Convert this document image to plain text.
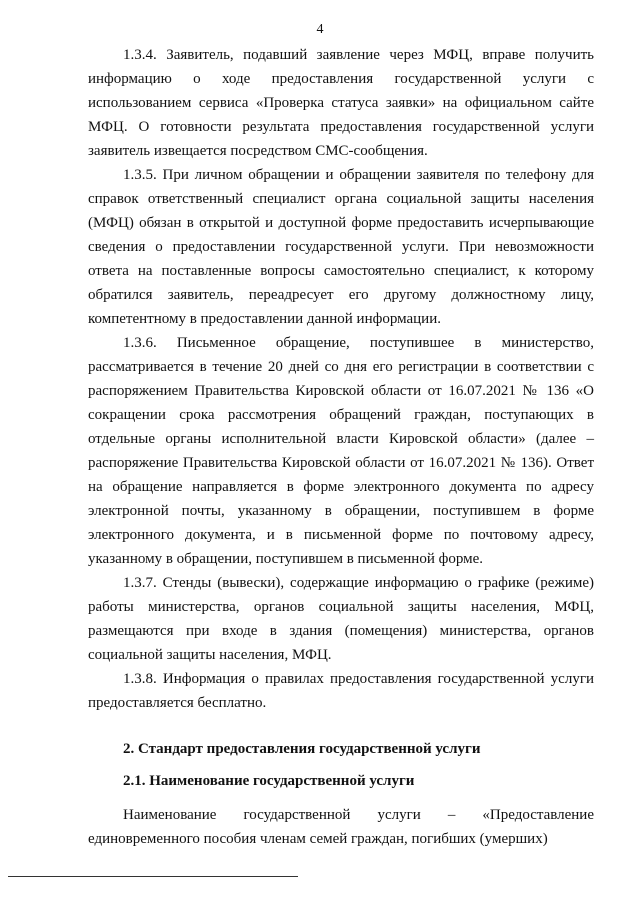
4

1.3.4. Заявитель, подавший заявление через МФЦ, вправе получить информацию о ходе предоставления государственной услуги с использованием сервиса «Проверка статуса заявки» на официальном сайте МФЦ. О готовности результата предоставления государственной услуги заявитель извещается посредством СМС-сообщения.

1.3.5. При личном обращении и обращении заявителя по телефону для справок ответственный специалист органа социальной защиты населения (МФЦ) обязан в открытой и доступной форме предоставить исчерпывающие сведения о предоставлении государственной услуги. При невозможности ответа на поставленные вопросы самостоятельно специалист, к которому обратился заявитель, переадресует его другому должностному лицу, компетентному в предоставлении данной информации.

1.3.6. Письменное обращение, поступившее в министерство, рассматривается в течение 20 дней со дня его регистрации в соответствии с распоряжением Правительства Кировской области от 16.07.2021 № 136 «О сокращении срока рассмотрения обращений граждан, поступающих в отдельные органы исполнительной власти Кировской области» (далее – распоряжение Правительства Кировской области от 16.07.2021 № 136). Ответ на обращение направляется в форме электронного документа по адресу электронной почты, указанному в обращении, поступившем в форме электронного документа, и в письменной форме по почтовому адресу, указанному в обращении, поступившем в письменной форме.

1.3.7. Стенды (вывески), содержащие информацию о графике (режиме) работы министерства, органов социальной защиты населения, МФЦ, размещаются при входе в здания (помещения) министерства, органов социальной защиты населения, МФЦ.

1.3.8. Информация о правилах предоставления государственной услуги предоставляется бесплатно.

2. Стандарт предоставления государственной услуги

2.1. Наименование государственной услуги

Наименование государственной услуги – «Предоставление единовременного пособия членам семей граждан, погибших (умерших)
